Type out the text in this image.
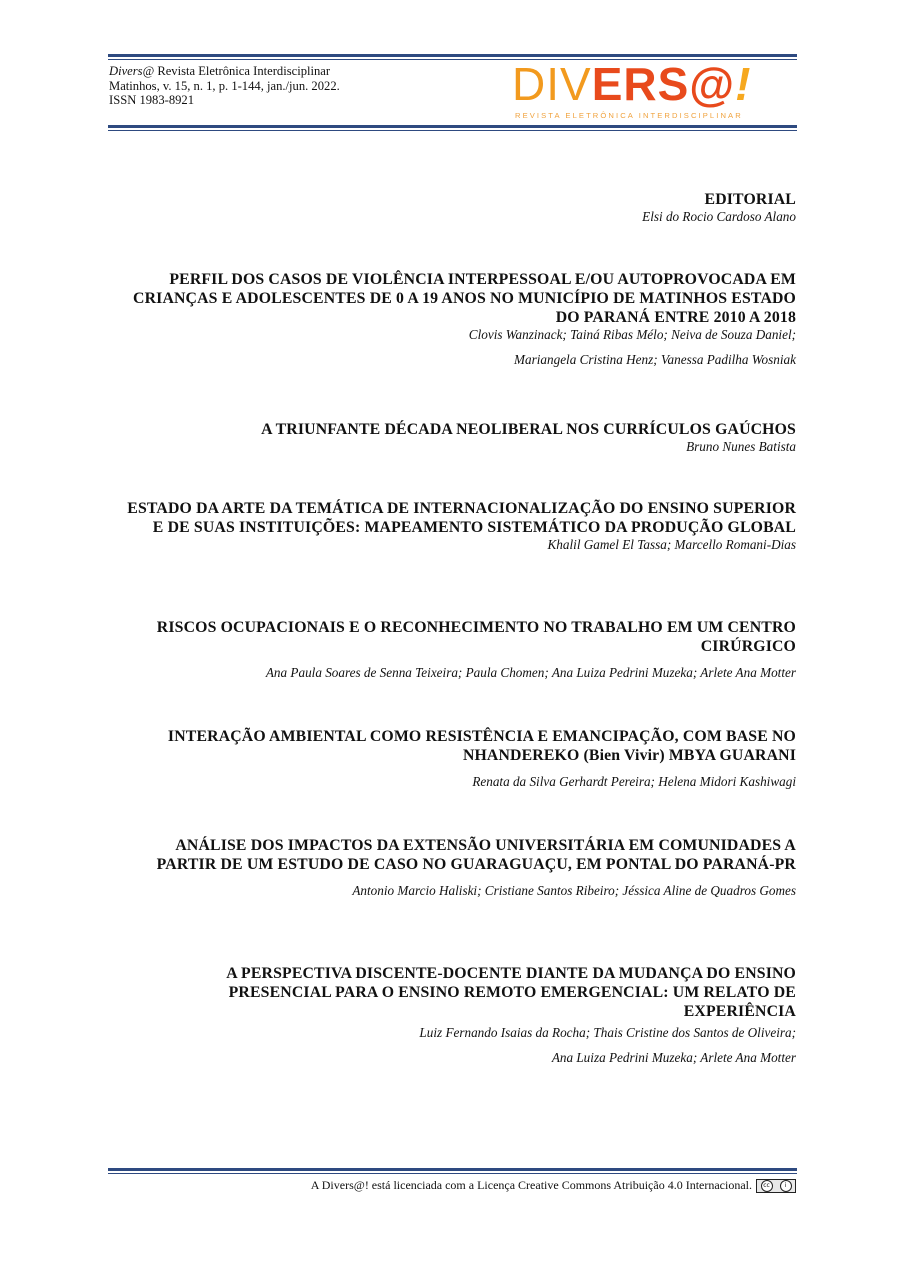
Divers@ Revista Eletrônica Interdisciplinar
Matinhos, v. 15, n. 1, p. 1-144, jan./jun. 2022.
ISSN 1983-8921	DIVERS@!
REVISTA ELETRÔNICA INTERDISCIPLINAR
EDITORIAL
Elsi do Rocio Cardoso Alano
PERFIL DOS CASOS DE VIOLÊNCIA INTERPESSOAL E/OU AUTOPROVOCADA EM CRIANÇAS E ADOLESCENTES DE 0 A 19 ANOS NO MUNICÍPIO DE MATINHOS ESTADO DO PARANÁ ENTRE 2010 A 2018
Clovis Wanzinack; Tainá Ribas Mélo; Neiva de Souza Daniel;
Mariangela Cristina Henz; Vanessa Padilha Wosniak
A TRIUNFANTE DÉCADA NEOLIBERAL NOS CURRÍCULOS GAÚCHOS
Bruno Nunes Batista
ESTADO DA ARTE DA TEMÁTICA DE INTERNACIONALIZAÇÃO DO ENSINO SUPERIOR E DE SUAS INSTITUIÇÕES: MAPEAMENTO SISTEMÁTICO DA PRODUÇÃO GLOBAL
Khalil Gamel El Tassa; Marcello Romani-Dias
RISCOS OCUPACIONAIS E O RECONHECIMENTO NO TRABALHO EM UM CENTRO CIRÚRGICO
Ana Paula Soares de Senna Teixeira; Paula Chomen; Ana Luiza Pedrini Muzeka; Arlete Ana Motter
INTERAÇÃO AMBIENTAL COMO RESISTÊNCIA E EMANCIPAÇÃO, COM BASE NO NHANDEREKO (Bien Vivir) MBYA GUARANI
Renata da Silva Gerhardt Pereira; Helena Midori Kashiwagi
ANÁLISE DOS IMPACTOS DA EXTENSÃO UNIVERSITÁRIA EM COMUNIDADES A PARTIR DE UM ESTUDO DE CASO NO GUARAGUAÇU, EM PONTAL DO PARANÁ-PR
Antonio Marcio Haliski; Cristiane Santos Ribeiro; Jéssica Aline de Quadros Gomes
A PERSPECTIVA DISCENTE-DOCENTE DIANTE DA MUDANÇA DO ENSINO PRESENCIAL PARA O ENSINO REMOTO EMERGENCIAL: UM RELATO DE EXPERIÊNCIA
Luiz Fernando Isaias da Rocha; Thais Cristine dos Santos de Oliveira;
Ana Luiza Pedrini Muzeka; Arlete Ana Motter
A Divers@! está licenciada com a Licença Creative Commons Atribuição 4.0 Internacional.	cc	i
